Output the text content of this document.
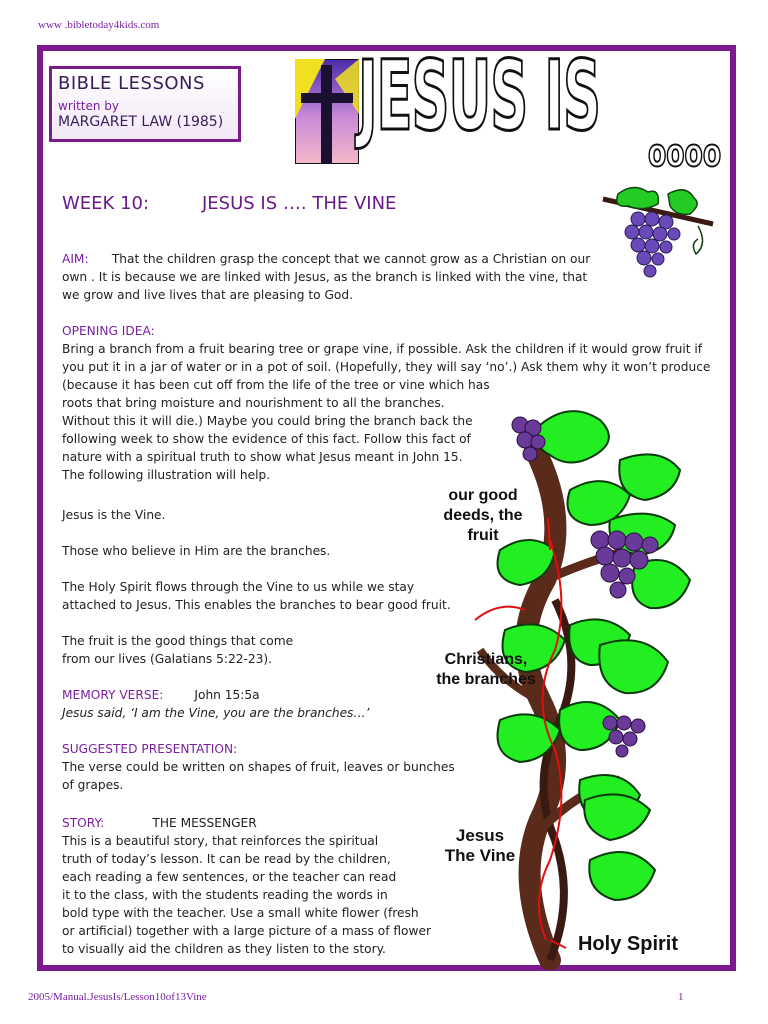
www .bibletoday4kids.com
BIBLE LESSONS
written by
MARGARET LAW (1985) JESUS IS
oooo
WEEK 10:	JESUS IS …. THE VINE
AIM: That the children grasp the concept that we cannot grow as a Christian on our
own . It is because we are linked with Jesus, as the branch is linked with the vine, that
we grow and live lives that are pleasing to God.
OPENING IDEA:
Bring a branch from a fruit bearing tree or grape vine, if possible. Ask the children if it would grow fruit if
you put it in a jar of water or in a pot of soil. (Hopefully, they will say ‘no’.) Ask them why it won’t produce
(because it has been cut off from the life of the tree or vine which has
roots that bring moisture and nourishment to all the branches.
Without this it will die.) Maybe you could bring the branch back the
following week to show the evidence of this fact. Follow this fact of
nature with a spiritual truth to show what Jesus meant in John 15.
The following illustration will help.
Jesus is the Vine.
Those who believe in Him are the branches.
The Holy Spirit flows through the Vine to us while we stay
attached to Jesus. This enables the branches to bear good fruit.
The fruit is the good things that come
from our lives (Galatians 5:22-23).
MEMORY VERSE:	John 15:5a
Jesus said, ‘I am the Vine, you are the branches…’
SUGGESTED PRESENTATION:
The verse could be written on shapes of fruit, leaves or bunches
of grapes.
STORY:	THE MESSENGER
This is a beautiful story, that reinforces the spiritual
truth of today’s lesson. It can be read by the children,
each reading a few sentences, or the teacher can read
it to the class, with the students reading the words in
bold type with the teacher. Use a small white flower (fresh
or artificial) together with a large picture of a mass of flower
to visually aid the children as they listen to the story.
our good
deeds, the
fruit
Christians,
the branches
Jesus
The Vine
Holy Spirit
2005/Manual.JesusIs/Lesson10of13Vine	1
